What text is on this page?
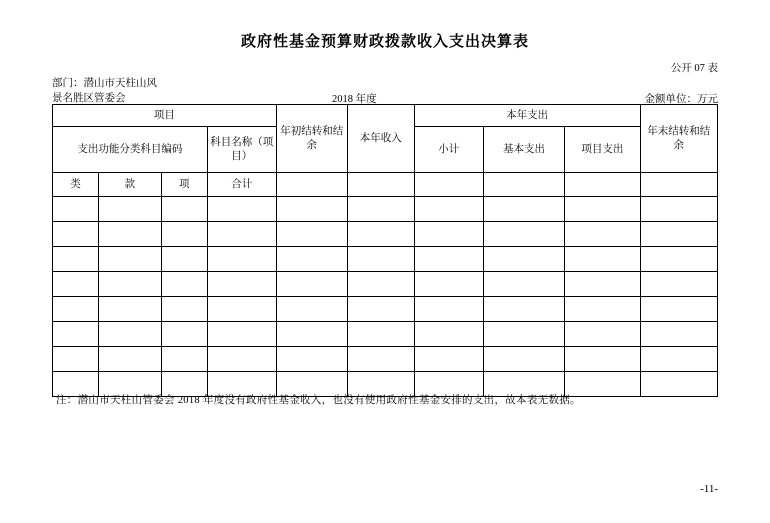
政府性基金预算财政拨款收入支出决算表
公开 07 表
部门：潜山市天柱山风
景名胜区管委会	2018 年度	金额单位：万元
项目				年初结转和结余	本年收入	本年支出			年末结转和结余
支出功能分类科目编码			科目名称（项目）			小计	基本支出	项目支出	
类	款	项	合计						

注：潜山市天柱山管委会 2018 年度没有政府性基金收入，也没有使用政府性基金安排的支出，故本表无数据。
-11-
